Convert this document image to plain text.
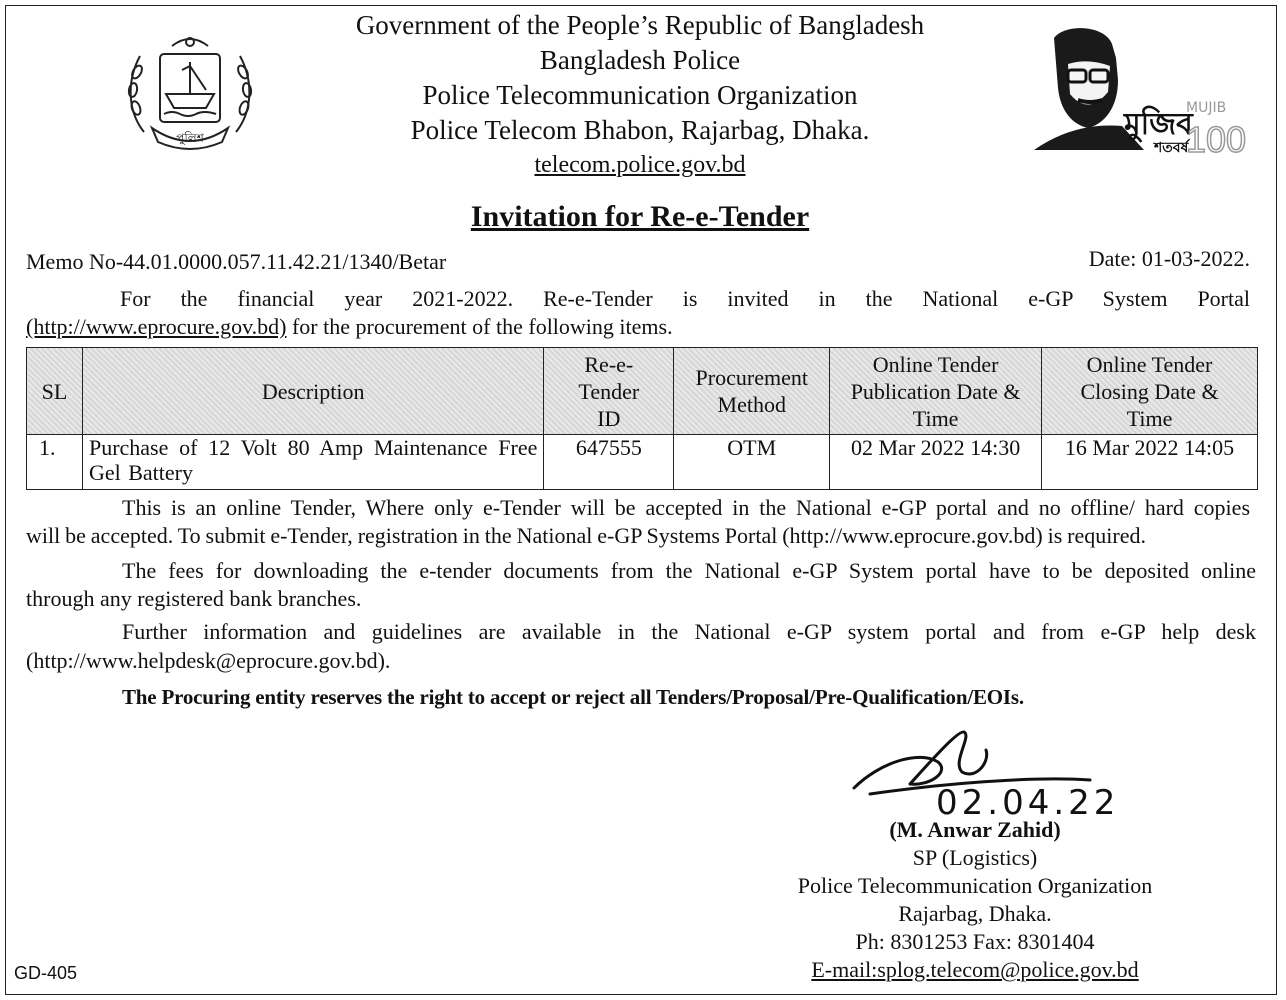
পুলিশ	মুজিব
MUJIB
শতবর্ষ
100
Government of the People’s Republic of Bangladesh
Bangladesh Police
Police Telecommunication Organization
Police Telecom Bhabon, Rajarbag, Dhaka.
telecom.police.gov.bd
Invitation for Re-e-Tender
Memo No-44.01.0000.057.11.42.21/1340/Betar	Date: 01-03-2022.
For the financial year 2021-2022. Re-e-Tender is invited in the National e-GP System Portal
(http://www.eprocure.gov.bd) for the procurement of the following items.
SL	Description	Re-e-Tender ID	Procurement Method	Online Tender Publication Date & Time	Online Tender Closing Date & Time

1.	Purchase of 12 Volt 80 Amp Maintenance Free Gel Battery	647555	OTM	02 Mar 2022 14:30	16 Mar 2022 14:05
This is an online Tender, Where only e-Tender will be accepted in the National e-GP portal and no offline/ hard copies
will be accepted. To submit e-Tender, registration in the National e-GP Systems Portal (http://www.eprocure.gov.bd) is required.
The fees for downloading the e-tender documents from the National e-GP System portal have to be deposited online
through any registered bank branches.
Further information and guidelines are available in the National e-GP system portal and from e-GP help desk
(http://www.helpdesk@eprocure.gov.bd).
The Procuring entity reserves the right to accept or reject all Tenders/Proposal/Pre-Qualification/EOIs.
02.04.22
(M. Anwar Zahid)
SP (Logistics)
Police Telecommunication Organization
Rajarbag, Dhaka.
Ph: 8301253 Fax: 8301404
E-mail:splog.telecom@police.gov.bd
GD-405
